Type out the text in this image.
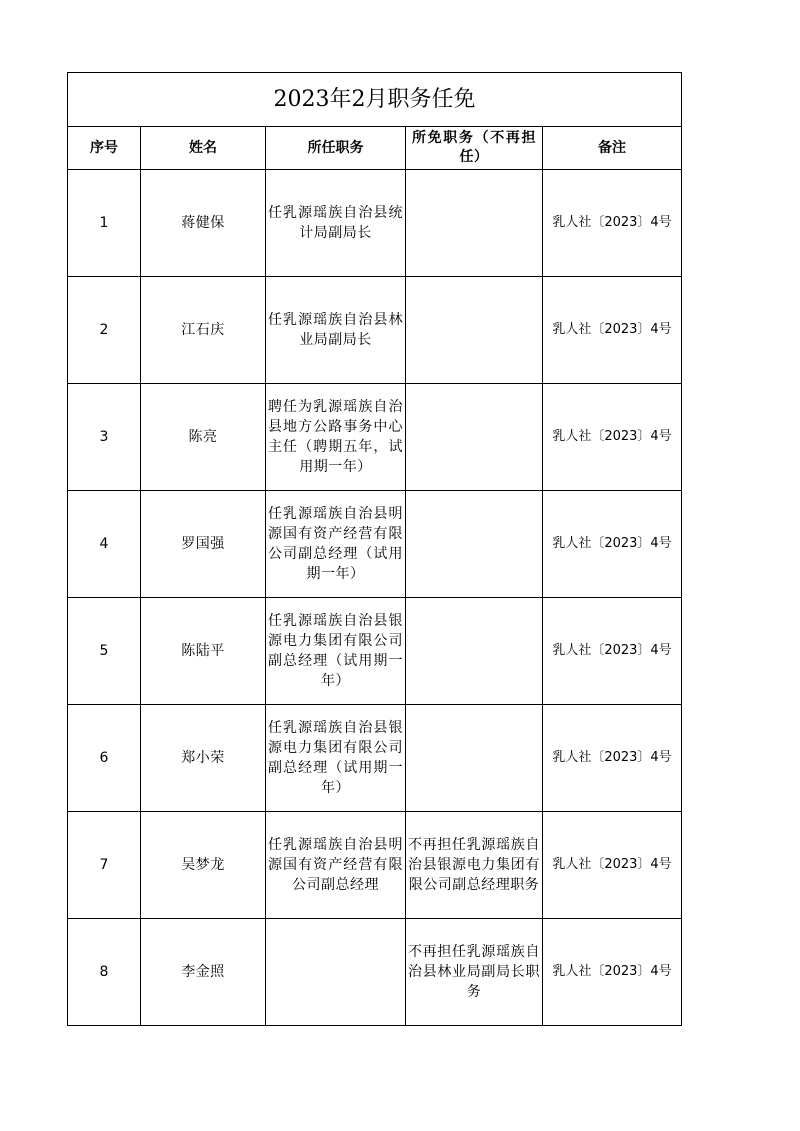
2023年2月职务任免				
序号	姓名	所任职务	所免职务（不再担任）	备注
1	蒋健保	任乳源瑶族自治县统计局副局长		乳人社〔2023〕4号
2	江石庆	任乳源瑶族自治县林业局副局长		乳人社〔2023〕4号
3	陈亮	聘任为乳源瑶族自治县地方公路事务中心主任（聘期五年，试用期一年）		乳人社〔2023〕4号
4	罗国强	任乳源瑶族自治县明源国有资产经营有限公司副总经理（试用期一年）		乳人社〔2023〕4号
5	陈陆平	任乳源瑶族自治县银源电力集团有限公司副总经理（试用期一年）		乳人社〔2023〕4号
6	郑小荣	任乳源瑶族自治县银源电力集团有限公司副总经理（试用期一年）		乳人社〔2023〕4号
7	吴梦龙	任乳源瑶族自治县明源国有资产经营有限公司副总经理	不再担任乳源瑶族自治县银源电力集团有限公司副总经理职务	乳人社〔2023〕4号
8	李金照		不再担任乳源瑶族自治县林业局副局长职务	乳人社〔2023〕4号
